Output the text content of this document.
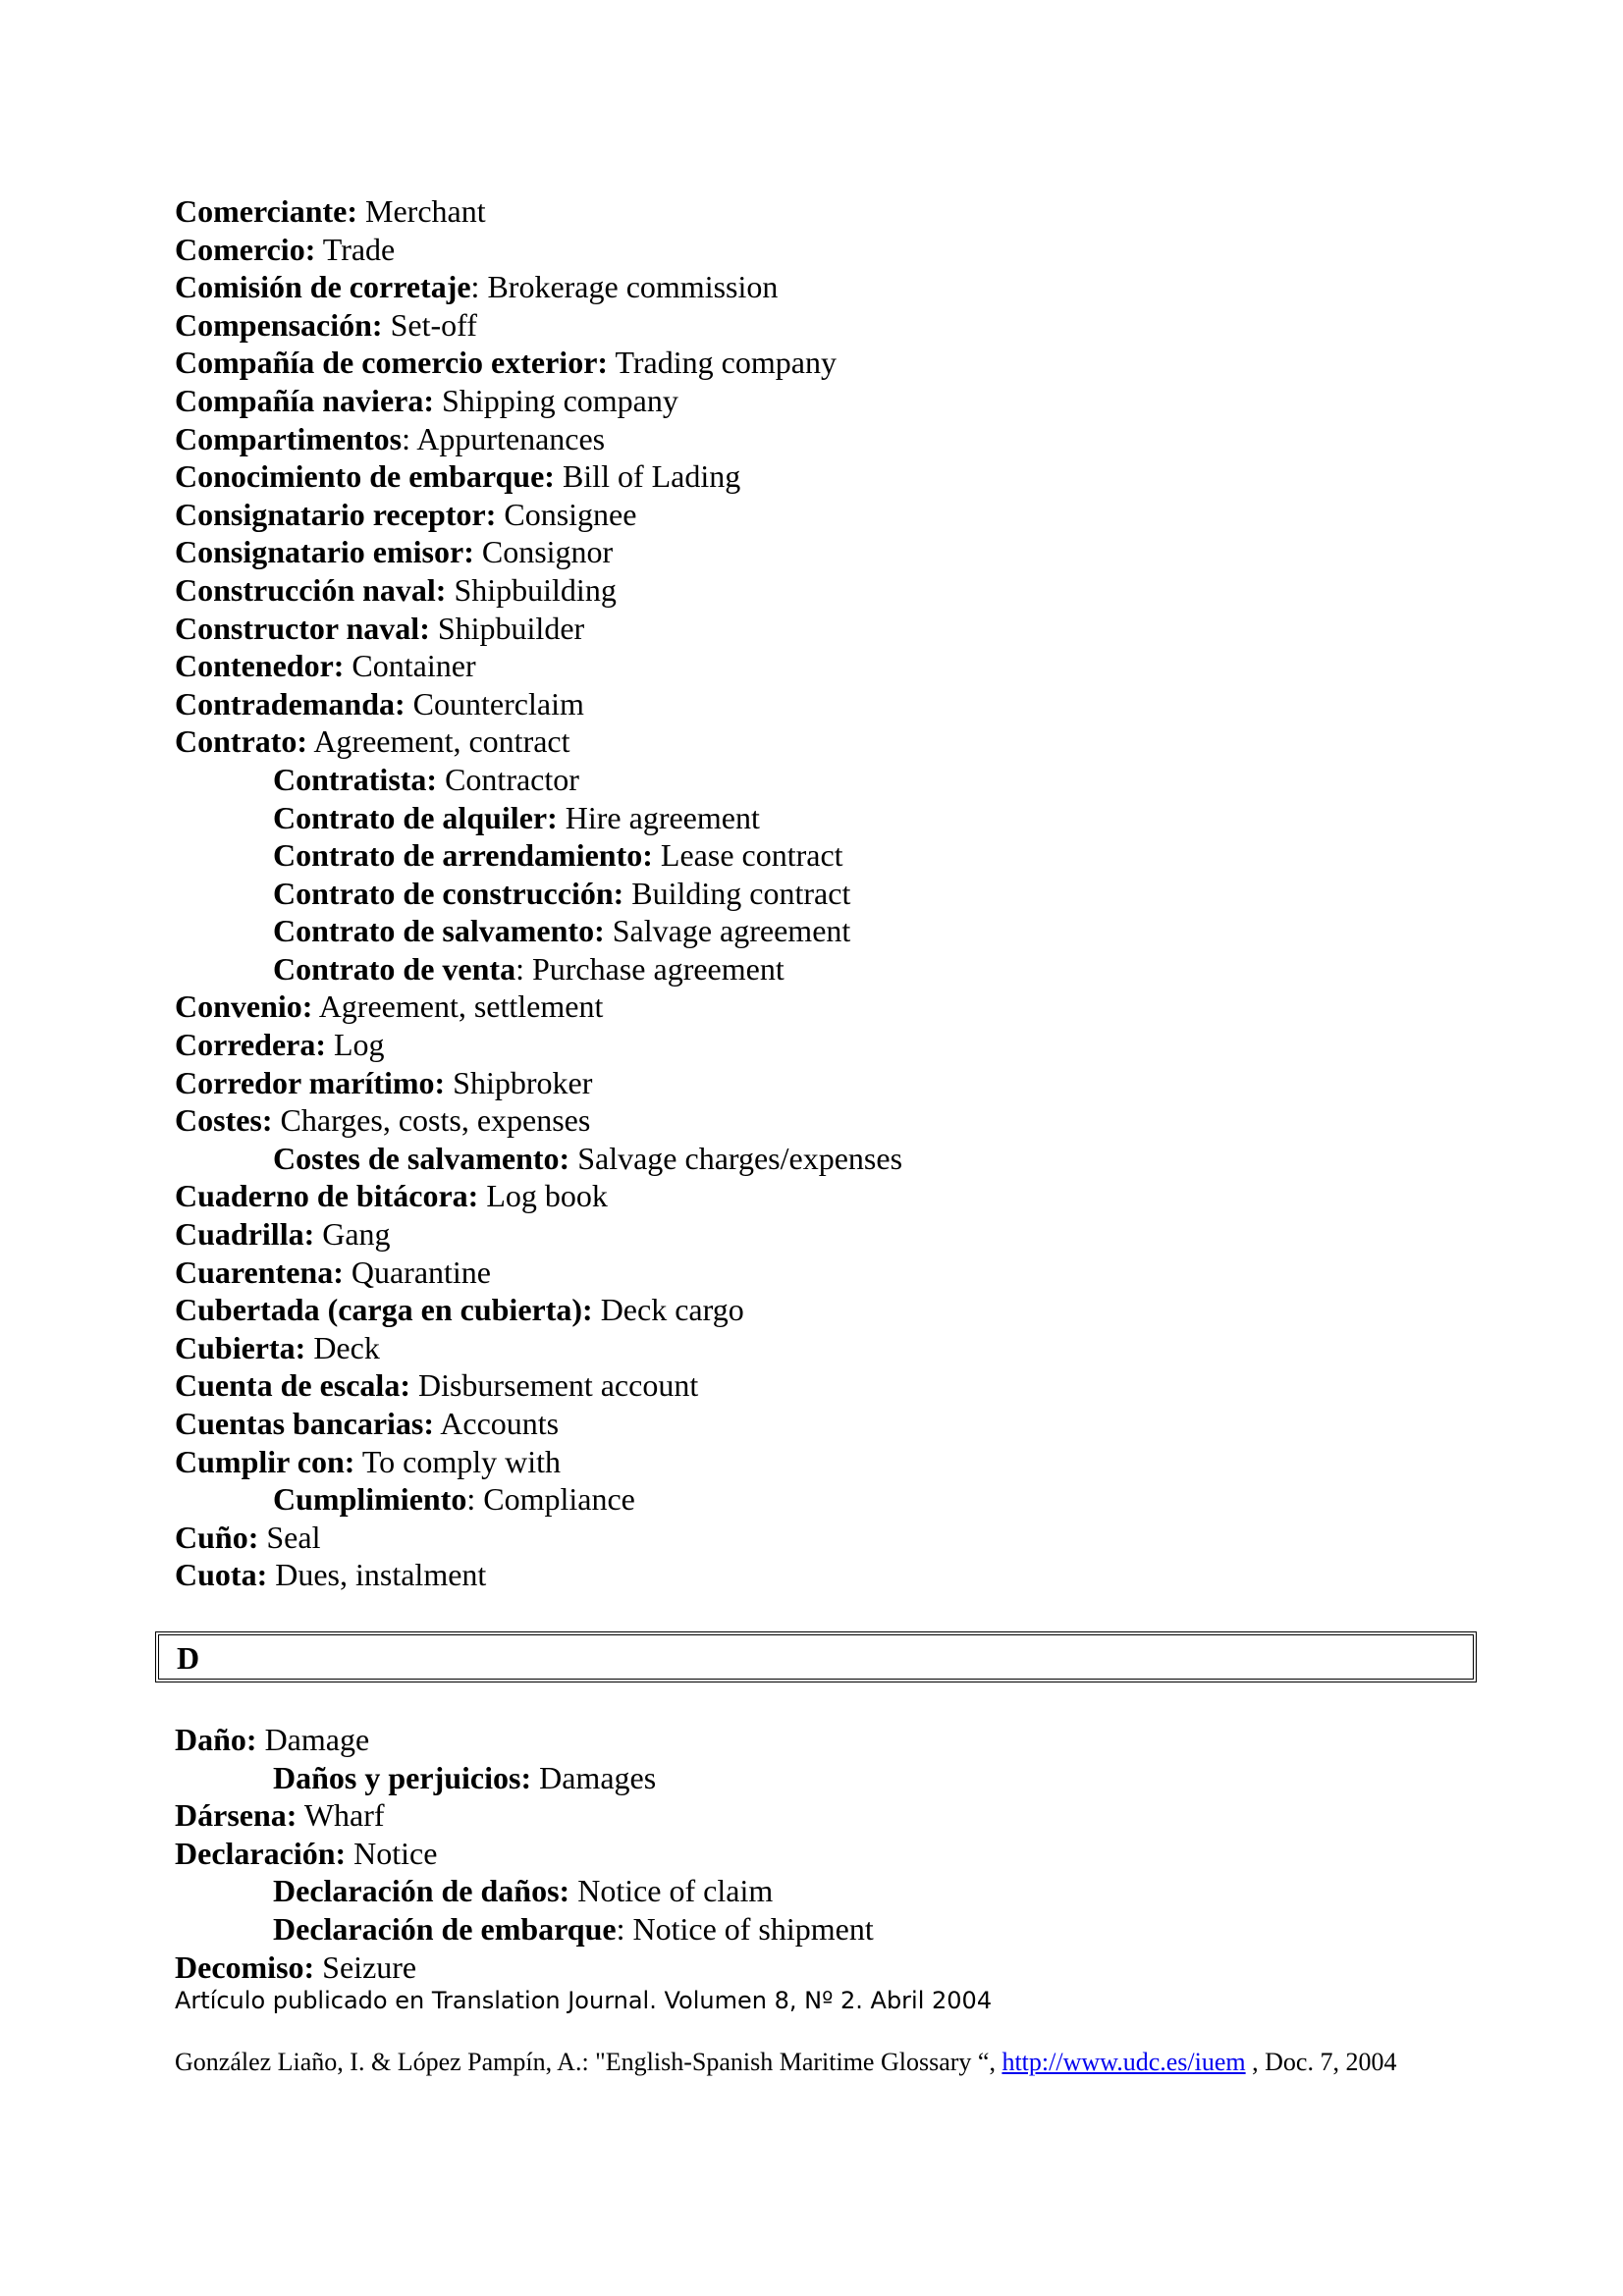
Comerciante: Merchant
Comercio: Trade
Comisión de corretaje: Brokerage commission
Compensación: Set-off
Compañía de comercio exterior: Trading company
Compañía naviera: Shipping company
Compartimentos: Appurtenances
Conocimiento de embarque: Bill of Lading
Consignatario receptor: Consignee
Consignatario emisor: Consignor
Construcción naval: Shipbuilding
Constructor naval: Shipbuilder
Contenedor: Container
Contrademanda: Counterclaim
Contrato: Agreement, contract
Contratista: Contractor
Contrato de alquiler: Hire agreement
Contrato de arrendamiento: Lease contract
Contrato de construcción: Building contract
Contrato de salvamento: Salvage agreement
Contrato de venta: Purchase agreement
Convenio: Agreement, settlement
Corredera: Log
Corredor marítimo: Shipbroker
Costes: Charges, costs, expenses
Costes de salvamento: Salvage charges/expenses
Cuaderno de bitácora: Log book
Cuadrilla: Gang
Cuarentena: Quarantine
Cubertada (carga en cubierta): Deck cargo
Cubierta: Deck
Cuenta de escala: Disbursement account
Cuentas bancarias: Accounts
Cumplir con: To comply with
Cumplimiento: Compliance
Cuño: Seal
Cuota: Dues, instalment
D
Daño: Damage
Daños y perjuicios: Damages
Dársena: Wharf
Declaración: Notice
Declaración de daños: Notice of claim
Declaración de embarque: Notice of shipment
Decomiso: Seizure
Artículo publicado en Translation Journal. Volumen 8, Nº 2. Abril 2004
González Liaño, I. & López Pampín, A.: "English-Spanish Maritime Glossary “, http://www.udc.es/iuem , Doc. 7, 2004
